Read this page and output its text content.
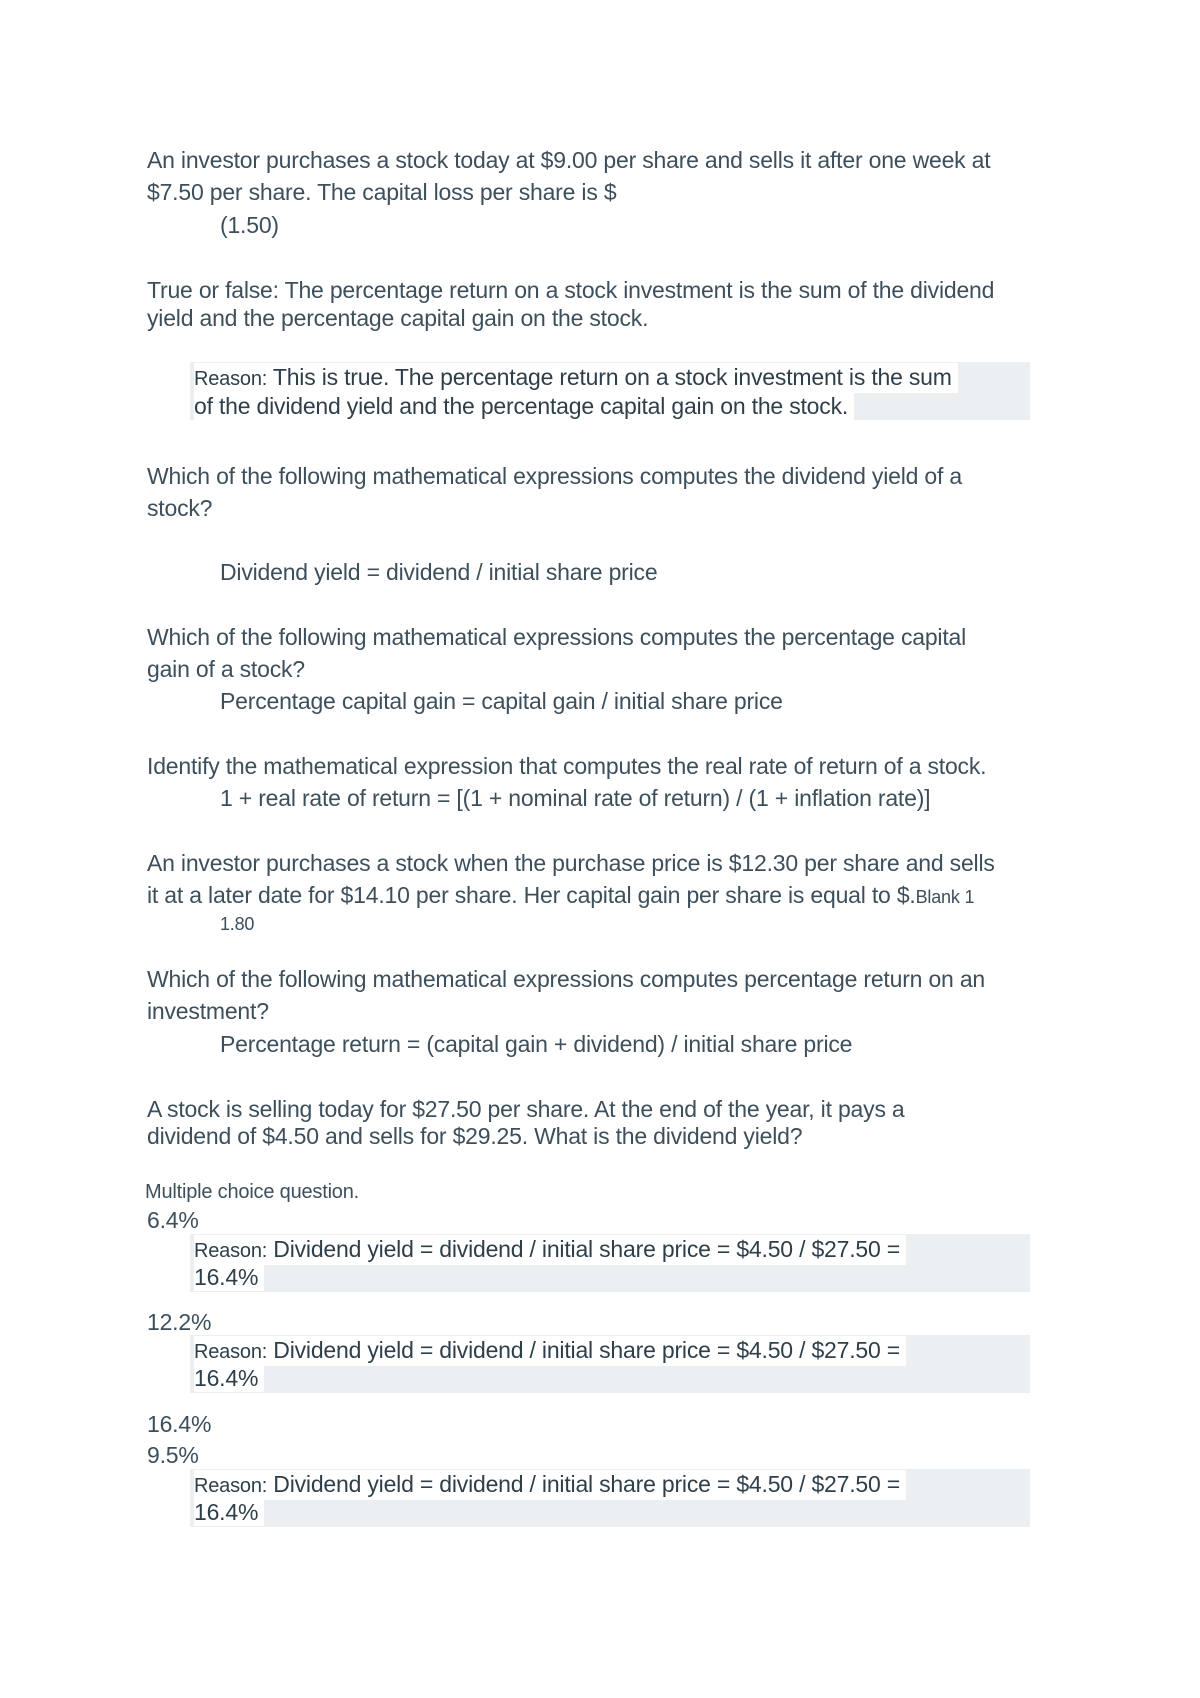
An investor purchases a stock today at $9.00 per share and sells it after one week at
$7.50 per share. The capital loss per share is $
(1.50)
True or false: The percentage return on a stock investment is the sum of the dividend
yield and the percentage capital gain on the stock.
Reason: This is true. The percentage return on a stock investment is the sum
of the dividend yield and the percentage capital gain on the stock.
Which of the following mathematical expressions computes the dividend yield of a
stock?
Dividend yield = dividend / initial share price
Which of the following mathematical expressions computes the percentage capital
gain of a stock?
Percentage capital gain = capital gain / initial share price
Identify the mathematical expression that computes the real rate of return of a stock.
1 + real rate of return = [(1 + nominal rate of return) / (1 + inflation rate)]
An investor purchases a stock when the purchase price is $12.30 per share and sells
it at a later date for $14.10 per share. Her capital gain per share is equal to $.Blank 1
1.80
Which of the following mathematical expressions computes percentage return on an
investment?
Percentage return = (capital gain + dividend) / initial share price
A stock is selling today for $27.50 per share. At the end of the year, it pays a
dividend of $4.50 and sells for $29.25. What is the dividend yield?
Multiple choice question.
6.4%
Reason: Dividend yield = dividend / initial share price = $4.50 / $27.50 =
16.4%
12.2%
Reason: Dividend yield = dividend / initial share price = $4.50 / $27.50 =
16.4%
16.4%
9.5%
Reason: Dividend yield = dividend / initial share price = $4.50 / $27.50 =
16.4%
